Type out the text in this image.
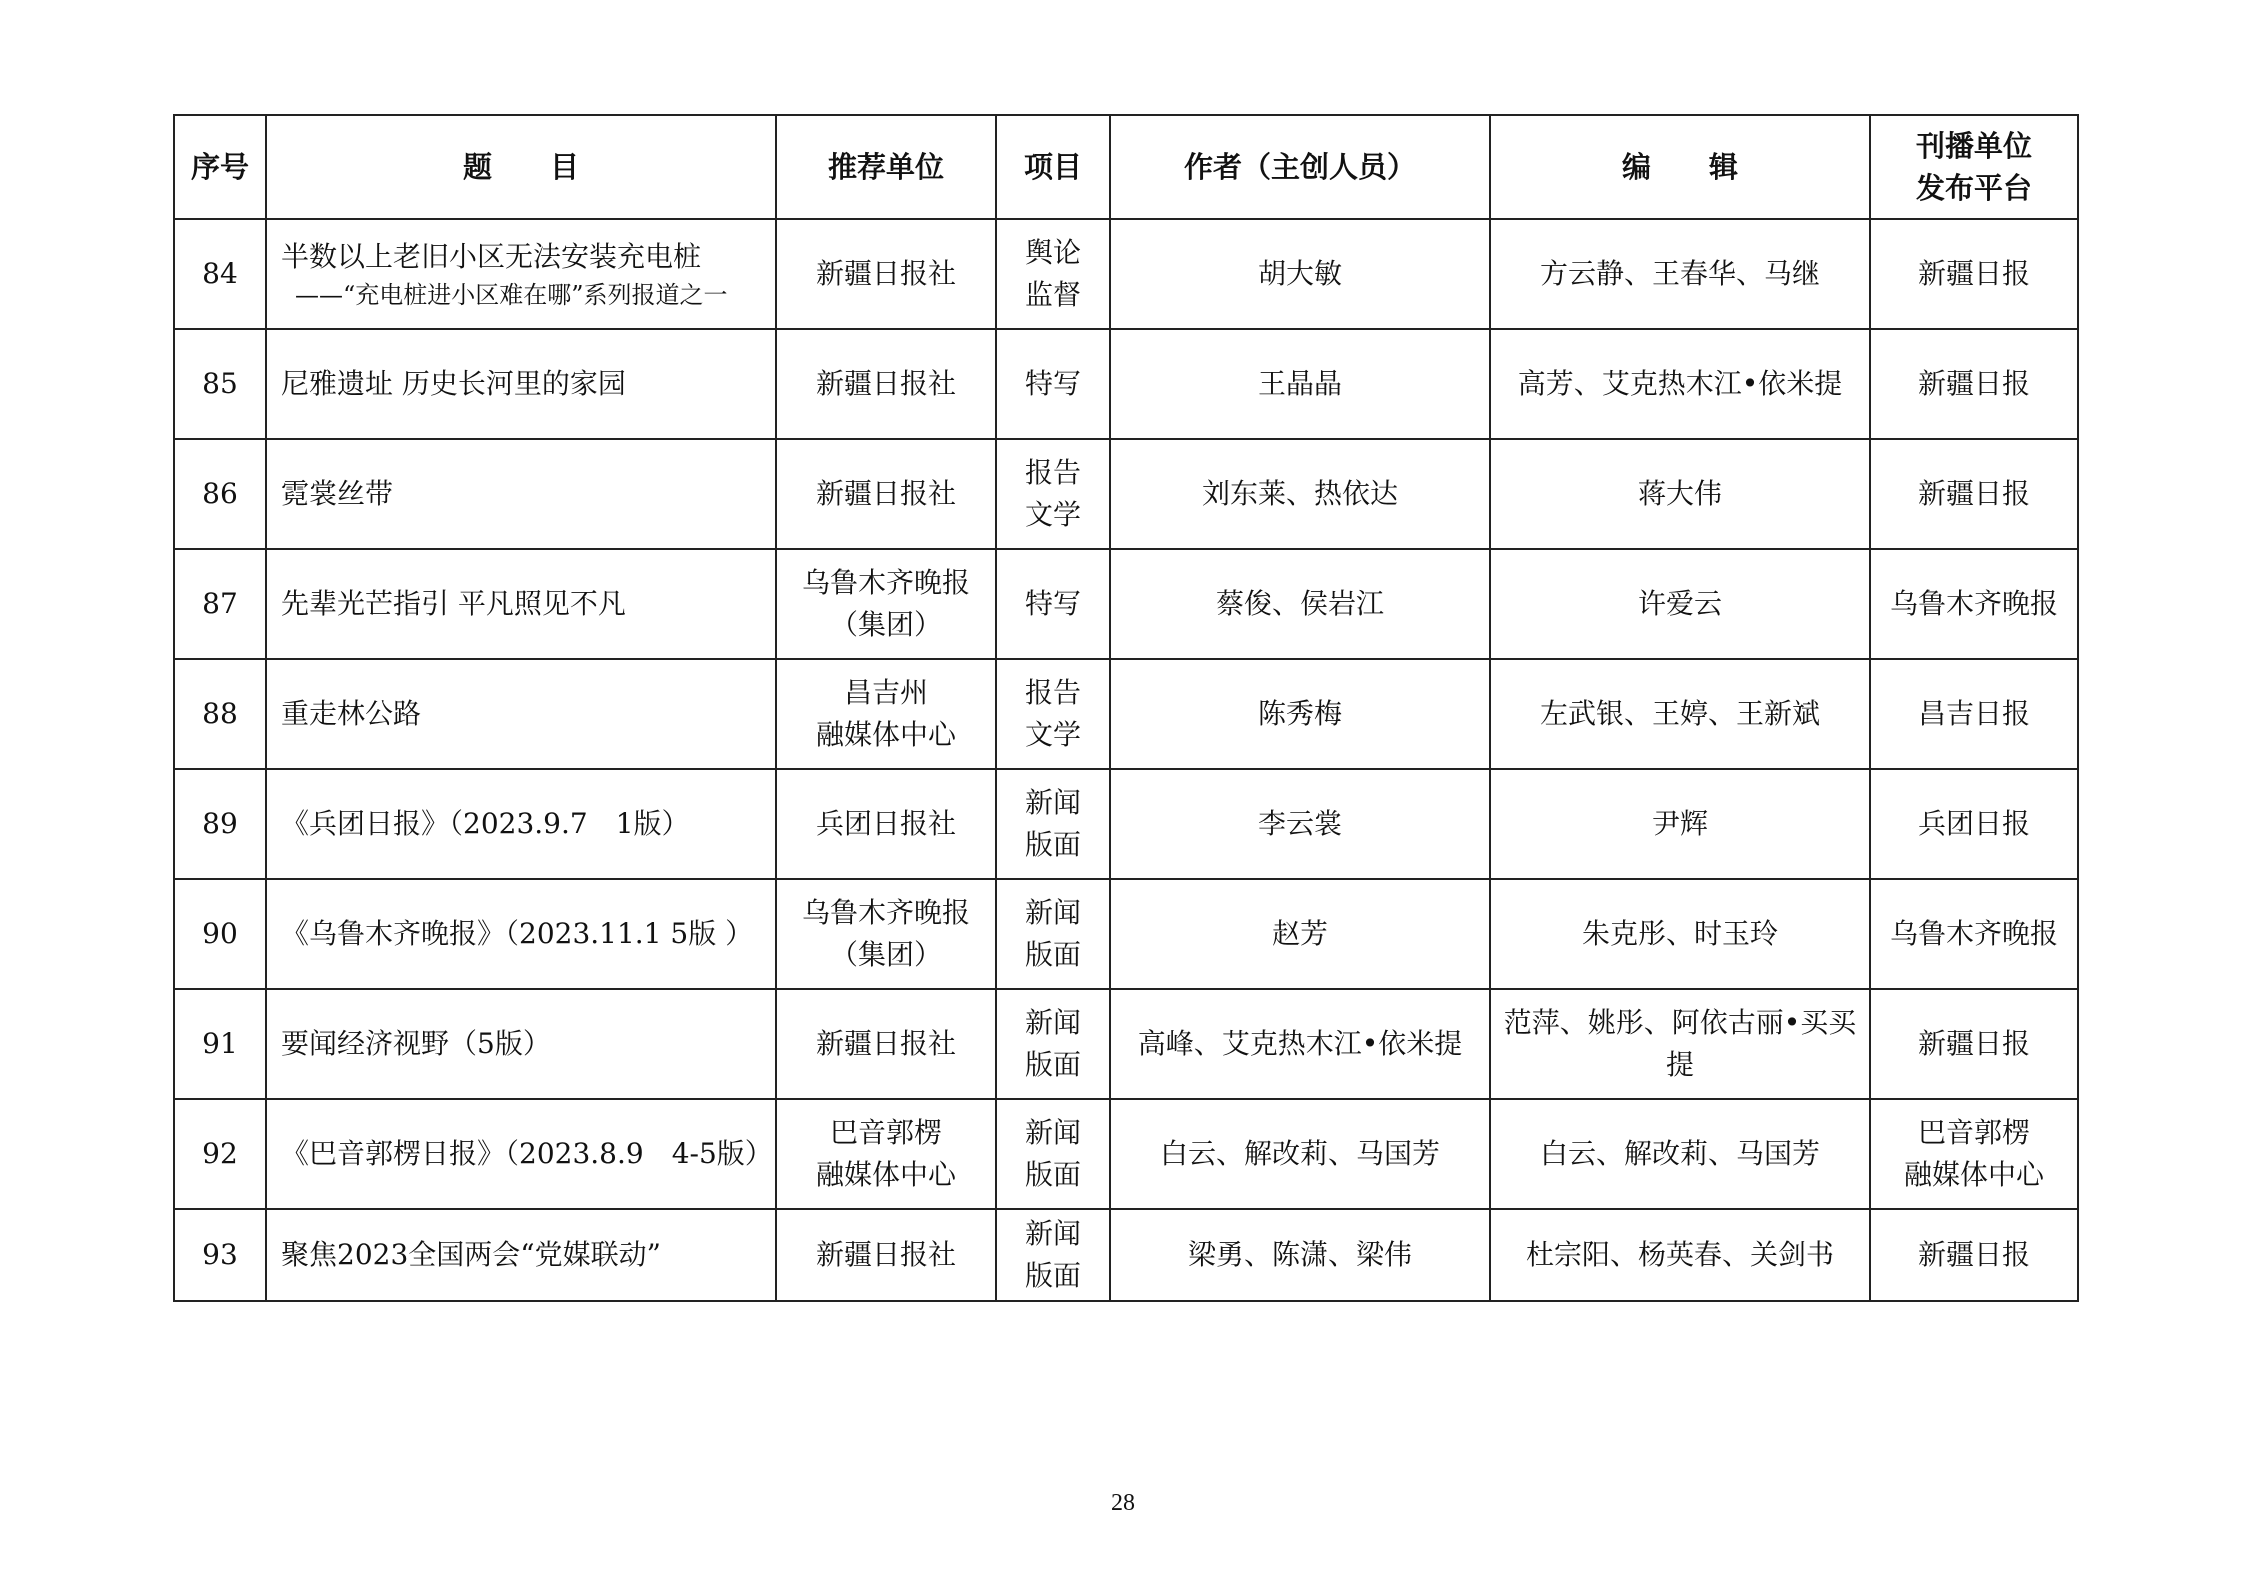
序号	题　　目	推荐单位	项目	作者（主创人员）	编　　辑	刊播单位
发布平台

84	半数以上老旧小区无法安装充电桩
——“充电桩进小区难在哪”系列报道之一	新疆日报社	舆论
监督	胡大敏	方云静、王春华、马继	新疆日报

85	尼雅遗址 历史长河里的家园	新疆日报社	特写	王晶晶	高芳、艾克热木江•依米提	新疆日报

86	霓裳丝带	新疆日报社	报告
文学	刘东莱、热依达	蒋大伟	新疆日报

87	先辈光芒指引 平凡照见不凡	乌鲁木齐晚报
（集团）	特写	蔡俊、侯岩江	许爱云	乌鲁木齐晚报

88	重走林公路	昌吉州
融媒体中心	报告
文学	陈秀梅	左武银、王婷、王新斌	昌吉日报

89	《兵团日报》（2023.9.7　1版）	兵团日报社	新闻
版面	李云裳	尹辉	兵团日报

90	《乌鲁木齐晚报》（2023.11.1 5版 ）	乌鲁木齐晚报
（集团）	新闻
版面	赵芳	朱克彤、时玉玲	乌鲁木齐晚报

91	要闻经济视野（5版）	新疆日报社	新闻
版面	高峰、艾克热木江•依米提	范萍、姚彤、阿依古丽•买买提	新疆日报

92	《巴音郭楞日报》（2023.8.9　4-5版）	巴音郭楞
融媒体中心	新闻
版面	白云、解改莉、马国芳	白云、解改莉、马国芳	巴音郭楞
融媒体中心

93	聚焦2023全国两会“党媒联动”	新疆日报社	新闻
版面	梁勇、陈潇、梁伟	杜宗阳、杨英春、关剑书	新疆日报
28
